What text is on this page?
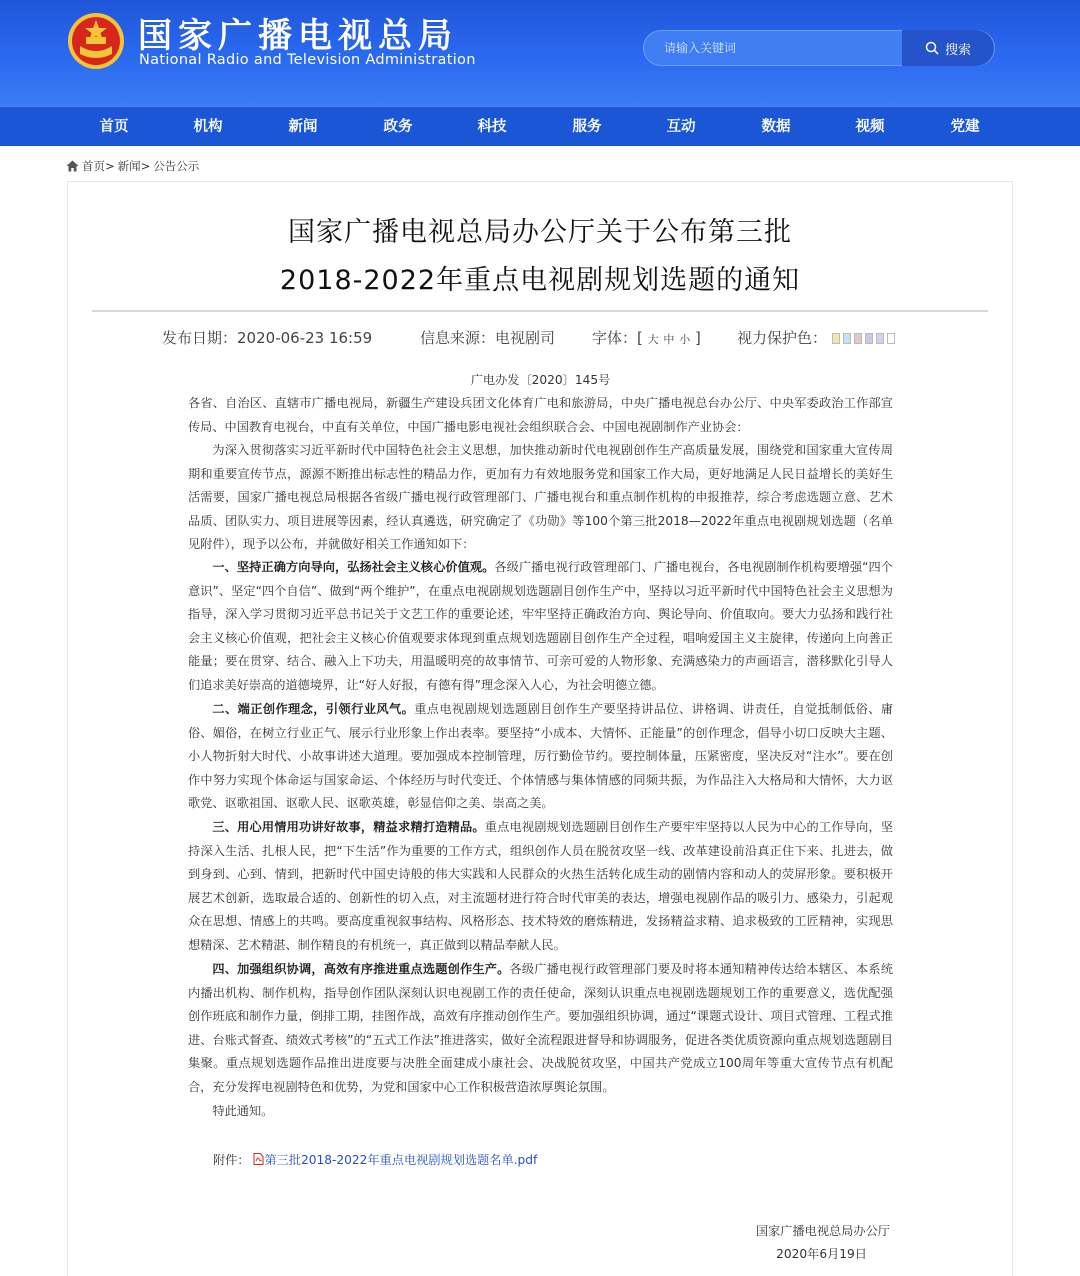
国家广播电视总局
National Radio and Television Administration
请输入关键词
搜索
首页	机构	新闻	政务	科技	服务	互动	数据	视频	党建
首页> 新闻> 公告公示
国家广播电视总局办公厅关于公布第三批
2018-2022年重点电视剧规划选题的通知
发布日期：2020-06-23 16:59	信息来源：电视剧司 字体：[ 大 中 小 ] 视力保护色：
广电办发〔2020〕145号
各省、自治区、直辖市广播电视局，新疆生产建设兵团文化体育广电和旅游局，中央广播电视总台办公厅、中央军委政治工作部宣传局、中国教育电视台，中直有关单位，中国广播电影电视社会组织联合会、中国电视剧制作产业协会：
为深入贯彻落实习近平新时代中国特色社会主义思想，加快推动新时代电视剧创作生产高质量发展，围绕党和国家重大宣传周期和重要宣传节点，源源不断推出标志性的精品力作，更加有力有效地服务党和国家工作大局，更好地满足人民日益增长的美好生活需要，国家广播电视总局根据各省级广播电视行政管理部门、广播电视台和重点制作机构的申报推荐，综合考虑选题立意、艺术品质、团队实力、项目进展等因素，经认真遴选，研究确定了《功勋》等100个第三批2018—2022年重点电视剧规划选题（名单见附件），现予以公布，并就做好相关工作通知如下：
一、坚持正确方向导向，弘扬社会主义核心价值观。各级广播电视行政管理部门、广播电视台，各电视剧制作机构要增强“四个意识”、坚定“四个自信”、做到“两个维护”，在重点电视剧规划选题剧目创作生产中，坚持以习近平新时代中国特色社会主义思想为指导，深入学习贯彻习近平总书记关于文艺工作的重要论述，牢牢坚持正确政治方向、舆论导向、价值取向。要大力弘扬和践行社会主义核心价值观，把社会主义核心价值观要求体现到重点规划选题剧目创作生产全过程，唱响爱国主义主旋律，传递向上向善正能量；要在贯穿、结合、融入上下功夫，用温暖明亮的故事情节、可亲可爱的人物形象、充满感染力的声画语言，潜移默化引导人们追求美好崇高的道德境界，让“好人好报，有德有得”理念深入人心，为社会明德立德。
二、端正创作理念，引领行业风气。重点电视剧规划选题剧目创作生产要坚持讲品位、讲格调、讲责任，自觉抵制低俗、庸俗、媚俗，在树立行业正气、展示行业形象上作出表率。要坚持“小成本、大情怀、正能量”的创作理念，倡导小切口反映大主题、小人物折射大时代、小故事讲述大道理。要加强成本控制管理，厉行勤俭节约。要控制体量，压紧密度，坚决反对“注水”。要在创作中努力实现个体命运与国家命运、个体经历与时代变迁、个体情感与集体情感的同频共振，为作品注入大格局和大情怀，大力讴歌党、讴歌祖国、讴歌人民、讴歌英雄，彰显信仰之美、崇高之美。
三、用心用情用功讲好故事，精益求精打造精品。重点电视剧规划选题剧目创作生产要牢牢坚持以人民为中心的工作导向，坚持深入生活、扎根人民，把“下生活”作为重要的工作方式，组织创作人员在脱贫攻坚一线、改革建设前沿真正住下来、扎进去，做到身到、心到、情到，把新时代中国史诗般的伟大实践和人民群众的火热生活转化成生动的剧情内容和动人的荧屏形象。要积极开展艺术创新，选取最合适的、创新性的切入点，对主流题材进行符合时代审美的表达，增强电视剧作品的吸引力、感染力，引起观众在思想、情感上的共鸣。要高度重视叙事结构、风格形态、技术特效的磨炼精进，发扬精益求精、追求极致的工匠精神，实现思想精深、艺术精湛、制作精良的有机统一，真正做到以精品奉献人民。
四、加强组织协调，高效有序推进重点选题创作生产。各级广播电视行政管理部门要及时将本通知精神传达给本辖区、本系统内播出机构、制作机构，指导创作团队深刻认识电视剧工作的责任使命，深刻认识重点电视剧选题规划工作的重要意义，选优配强创作班底和制作力量，倒排工期，挂图作战，高效有序推动创作生产。要加强组织协调，通过“课题式设计、项目式管理、工程式推进、台账式督查、绩效式考核”的“五式工作法”推进落实，做好全流程跟进督导和协调服务，促进各类优质资源向重点规划选题剧目集聚。重点规划选题作品推出进度要与决胜全面建成小康社会、决战脱贫攻坚，中国共产党成立100周年等重大宣传节点有机配合，充分发挥电视剧特色和优势，为党和国家中心工作积极营造浓厚舆论氛围。
特此通知。
附件： 第三批2018-2022年重点电视剧规划选题名单.pdf
国家广播电视总局办公厅
2020年6月19日
